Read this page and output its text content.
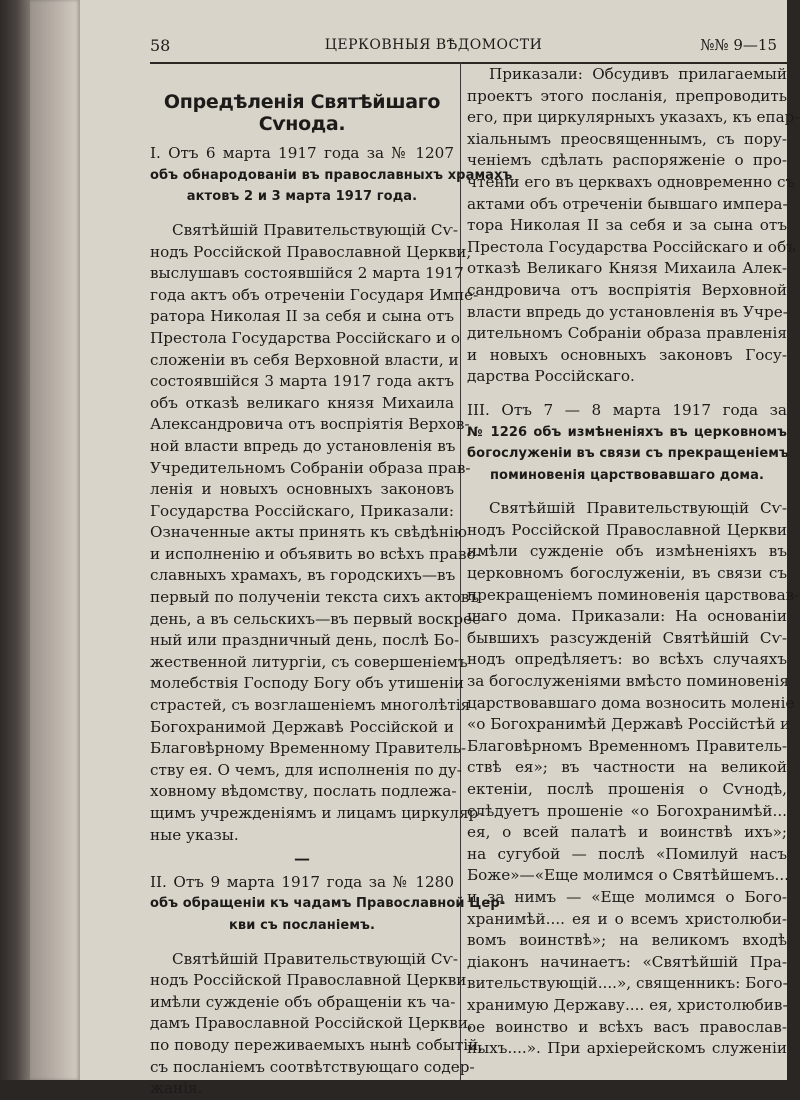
58	ЦЕРКОВНЫЯ ВѢДОМОСТИ	№№ 9—15
Опредѣленія Святѣйшаго Сѵнода.
I. Отъ 6 марта 1917 года за № 1207
объ обнародованіи въ православныхъ храмахъ
актовъ 2 и 3 марта 1917 года.
Святѣйшій Правительствующій Сѵ-
нодъ Россійской Православной Церкви,
выслушавъ состоявшійся 2 марта 1917
года актъ объ отреченіи Государя Импе-
ратора Николая II за себя и сына отъ
Престола Государства Россійскаго и о
сложеніи въ себя Верховной власти, и
состоявшійся 3 марта 1917 года актъ
объ отказѣ великаго князя Михаила
Александровича отъ воспріятія Верхов-
ной власти впредь до установленія въ
Учредительномъ Собраніи образа прав-
ленія и новыхъ основныхъ законовъ
Государства Россійскаго, Приказали:
Означенные акты принять къ свѣдѣнію
и исполненію и объявить во всѣхъ право-
славныхъ храмахъ, въ городскихъ—въ
первый по полученіи текста сихъ актовъ
день, а въ сельскихъ—въ первый воскрес-
ный или праздничный день, послѣ Бо-
жественной литургіи, съ совершеніемъ
молебствія Господу Богу объ утишеніи
страстей, съ возглашеніемъ многолѣтія
Богохранимой Державѣ Россійской и
Благовѣрному Временному Правитель-
ству ея. О чемъ, для исполненія по ду-
ховному вѣдомству, послать подлежа-
щимъ учрежденіямъ и лицамъ циркуляр-
ные указы.
—
II. Отъ 9 марта 1917 года за № 1280
объ обращеніи къ чадамъ Православной Цер-
кви съ посланіемъ.
Святѣйшій Правительствующій Сѵ-
нодъ Россійской Православной Церкви
имѣли сужденіе объ обращеніи къ ча-
дамъ Православной Россійской Церкви,
по поводу переживаемыхъ нынѣ событій,
съ посланіемъ соотвѣтствующаго содер-
жанія.
Приказали: Обсудивъ прилагаемый
проектъ этого посланія, препроводить
его, при циркулярныхъ указахъ, къ епар-
хіальнымъ преосвященнымъ, съ пору-
ченіемъ сдѣлать распоряженіе о про-
чтеніи его въ церквахъ одновременно съ
актами объ отреченіи бывшаго импера-
тора Николая II за себя и за сына отъ
Престола Государства Россійскаго и объ
отказѣ Великаго Князя Михаила Алек-
сандровича отъ воспріятія Верховной
власти впредь до установленія въ Учре-
дительномъ Собраніи образа правленія
и новыхъ основныхъ законовъ Госу-
дарства Россійскаго.
III. Отъ 7 — 8 марта 1917 года за
№ 1226 объ измѣненіяхъ въ церковномъ
богослуженіи въ связи съ прекращеніемъ
поминовенія царствовавшаго дома.
Святѣйшій Правительствующій Сѵ-
нодъ Россійской Православной Церкви
имѣли сужденіе объ измѣненіяхъ въ
церковномъ богослуженіи, въ связи съ
прекращеніемъ поминовенія царствовав-
шаго дома. Приказали: На основаніи
бывшихъ разсужденій Святѣйшій Сѵ-
нодъ опредѣляетъ: во всѣхъ случаяхъ
за богослуженіями вмѣсто поминовенія
царствовавшаго дома возносить моленіе
«о Богохранимѣй Державѣ Россійстѣй и
Благовѣрномъ Временномъ Правитель-
ствѣ ея»; въ частности на великой
ектеніи, послѣ прошенія о Сѵнодѣ,
слѣдуетъ прошеніе «о Богохранимѣй...
ея, о всей палатѣ и воинствѣ ихъ»;
на сугубой — послѣ «Помилуй насъ
Боже»—«Еще молимся о Святѣйшемъ...
и за нимъ — «Еще молимся о Бого-
хранимѣй.... ея и о всемъ христолюби-
вомъ воинствѣ»; на великомъ входѣ
діаконъ начинаетъ: «Святѣйшій Пра-
вительствующій....», священникъ: Бого-
хранимую Державу.... ея, христолюбив-
ое воинство и всѣхъ васъ православ-
ныхъ....». При архіерейскомъ служеніи
